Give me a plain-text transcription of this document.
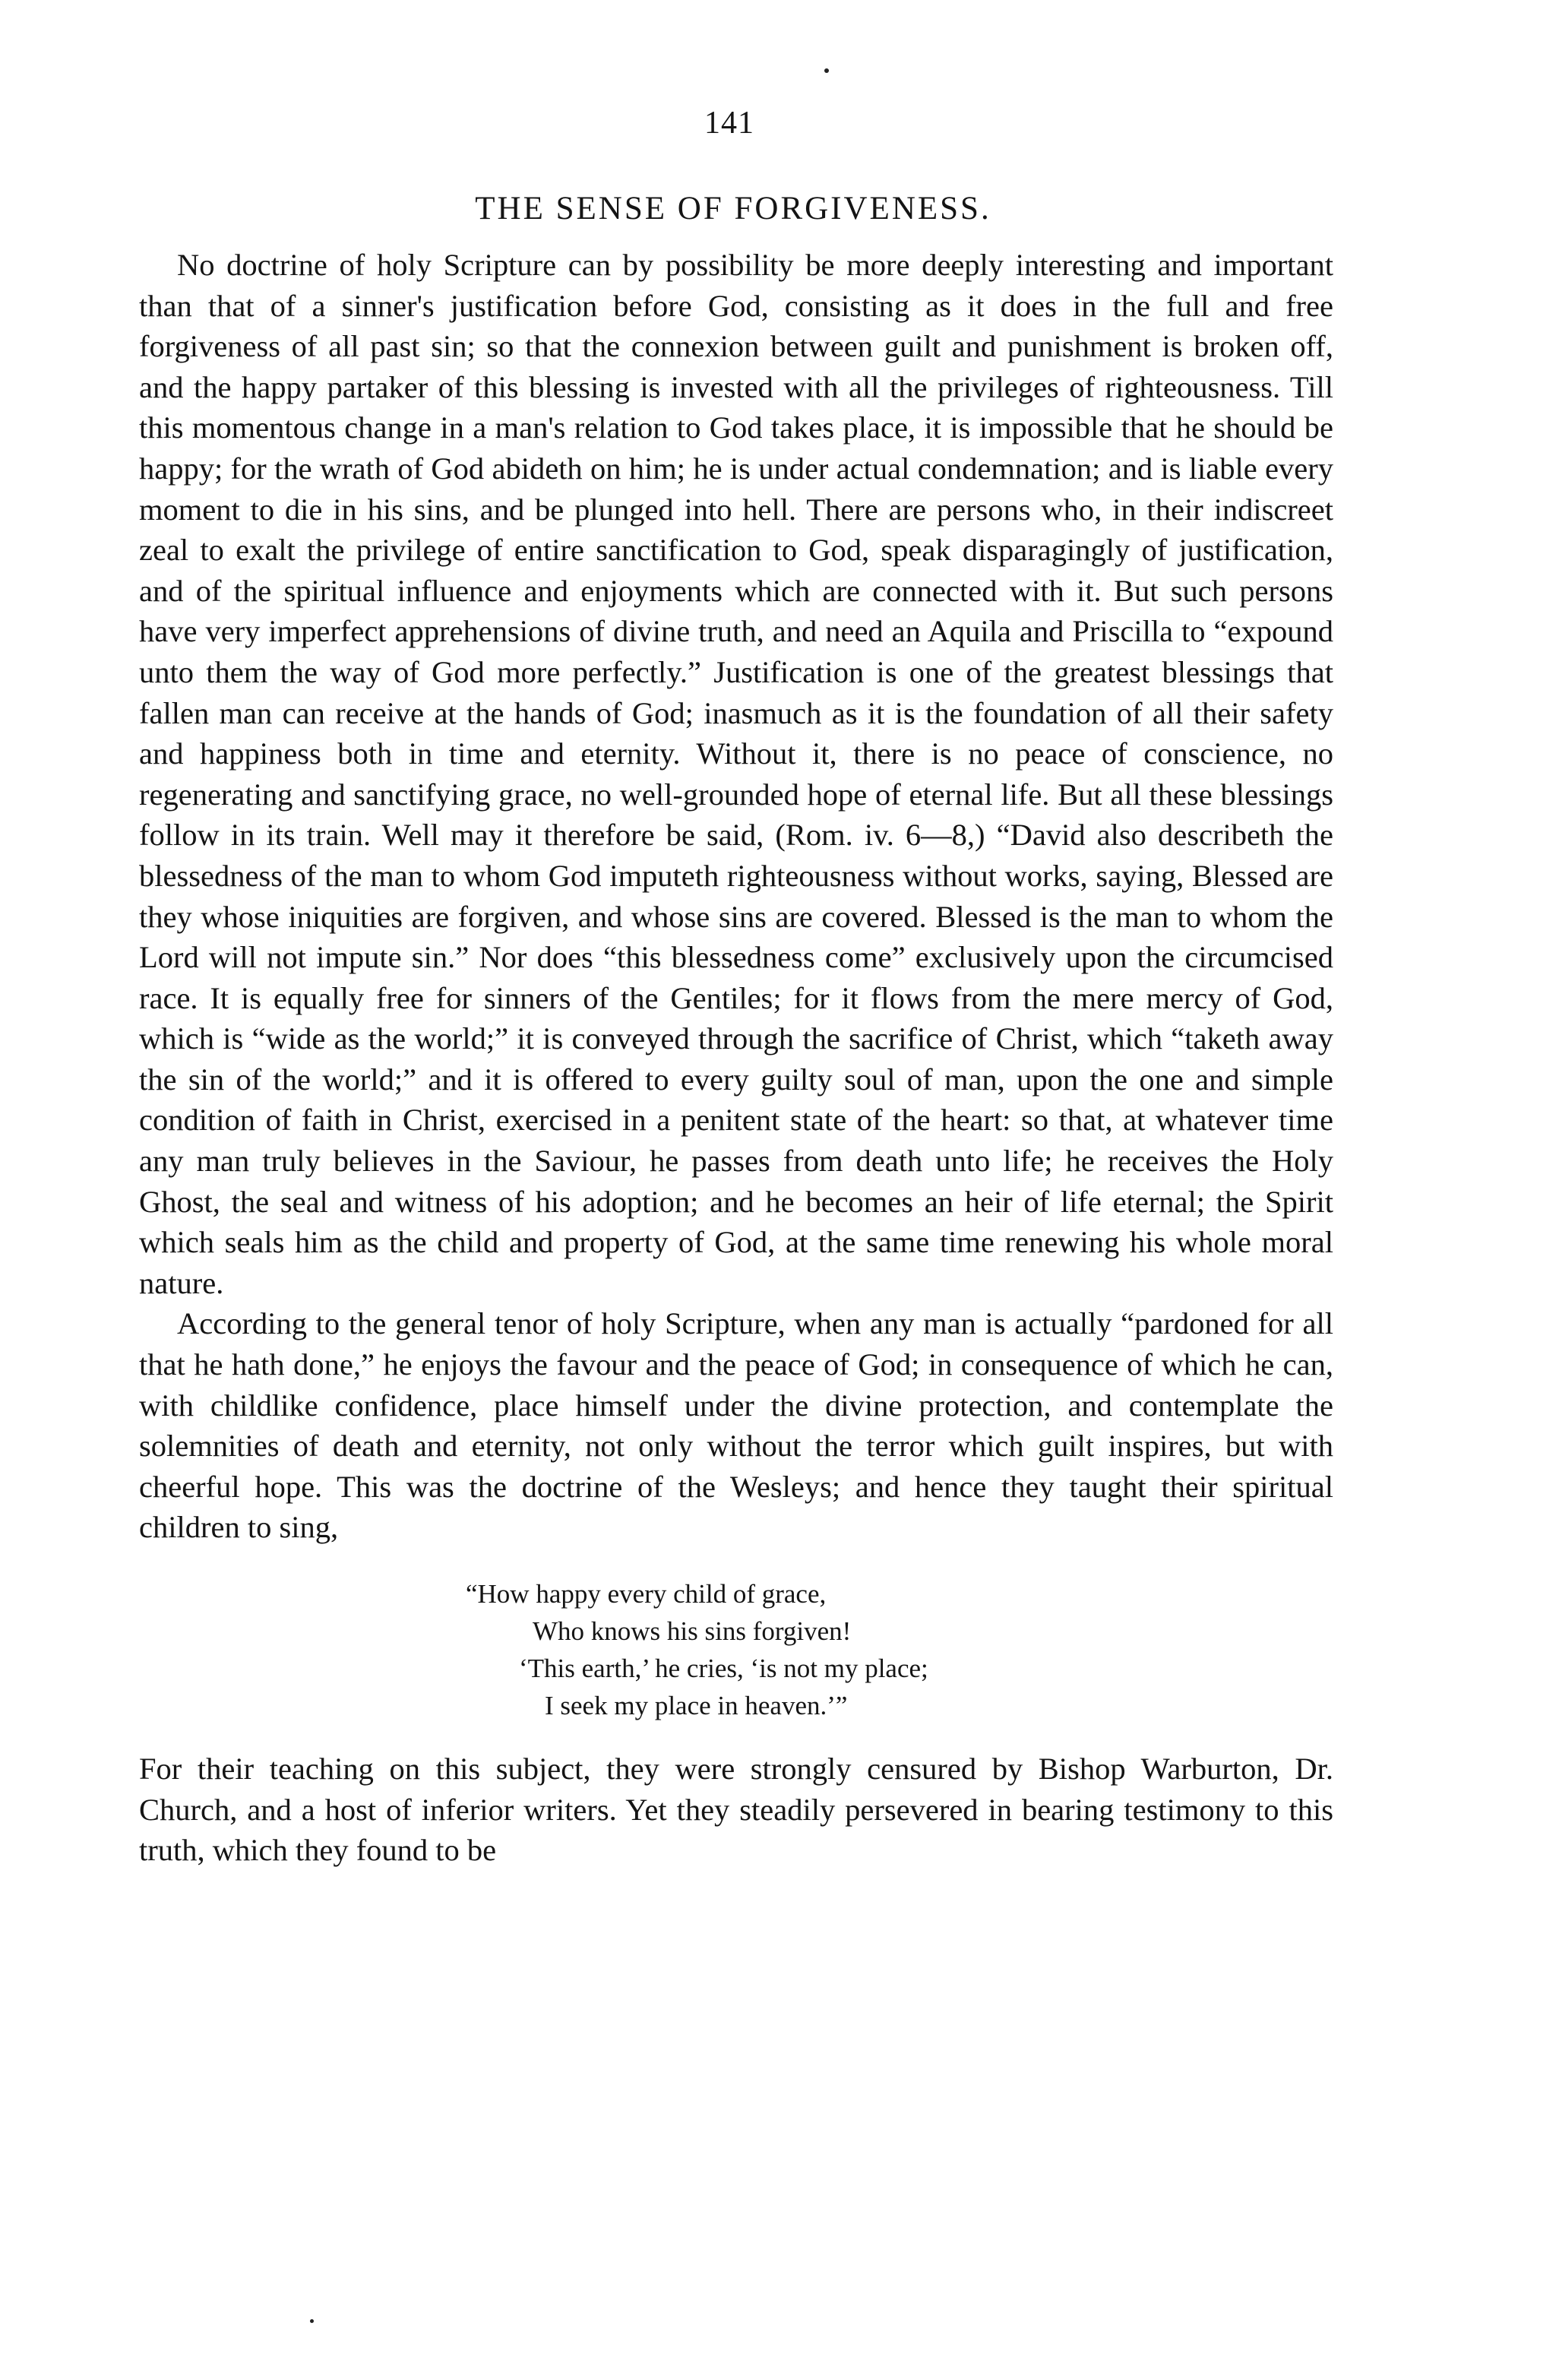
141
THE SENSE OF FORGIVENESS.

No doctrine of holy Scripture can by possibility be more deeply interesting and important than that of a sinner's justification before God, consisting as it does in the full and free forgiveness of all past sin; so that the connexion between guilt and punishment is broken off, and the happy partaker of this blessing is invested with all the privileges of righteousness. Till this momentous change in a man's relation to God takes place, it is impossible that he should be happy; for the wrath of God abideth on him; he is under actual condemnation; and is liable every moment to die in his sins, and be plunged into hell. There are persons who, in their indiscreet zeal to exalt the privilege of entire sanctification to God, speak disparagingly of justification, and of the spiritual influence and enjoyments which are connected with it. But such persons have very imperfect apprehensions of divine truth, and need an Aquila and Priscilla to “expound unto them the way of God more perfectly.” Justification is one of the greatest blessings that fallen man can receive at the hands of God; inasmuch as it is the foundation of all their safety and happiness both in time and eternity. Without it, there is no peace of conscience, no regenerating and sanctifying grace, no well-grounded hope of eternal life. But all these blessings follow in its train. Well may it therefore be said, (Rom. iv. 6—8,) “David also describeth the blessedness of the man to whom God imputeth righteousness without works, saying, Blessed are they whose iniquities are forgiven, and whose sins are covered. Blessed is the man to whom the Lord will not impute sin.” Nor does “this blessedness come” exclusively upon the circumcised race. It is equally free for sinners of the Gentiles; for it flows from the mere mercy of God, which is “wide as the world;” it is conveyed through the sacrifice of Christ, which “taketh away the sin of the world;” and it is offered to every guilty soul of man, upon the one and simple condition of faith in Christ, exercised in a penitent state of the heart: so that, at whatever time any man truly believes in the Saviour, he passes from death unto life; he receives the Holy Ghost, the seal and witness of his adoption; and he becomes an heir of life eternal; the Spirit which seals him as the child and property of God, at the same time renewing his whole moral nature.

According to the general tenor of holy Scripture, when any man is actually “pardoned for all that he hath done,” he enjoys the favour and the peace of God; in consequence of which he can, with childlike confidence, place himself under the divine protection, and contemplate the solemnities of death and eternity, not only without the terror which guilt inspires, but with cheerful hope. This was the doctrine of the Wesleys; and hence they taught their spiritual children to sing,

“How happy every child of grace,
Who knows his sins forgiven!
‘This earth,’ he cries, ‘is not my place;
I seek my place in heaven.’”

For their teaching on this subject, they were strongly censured by Bishop Warburton, Dr. Church, and a host of inferior writers. Yet they steadily persevered in bearing testimony to this truth, which they found to be
